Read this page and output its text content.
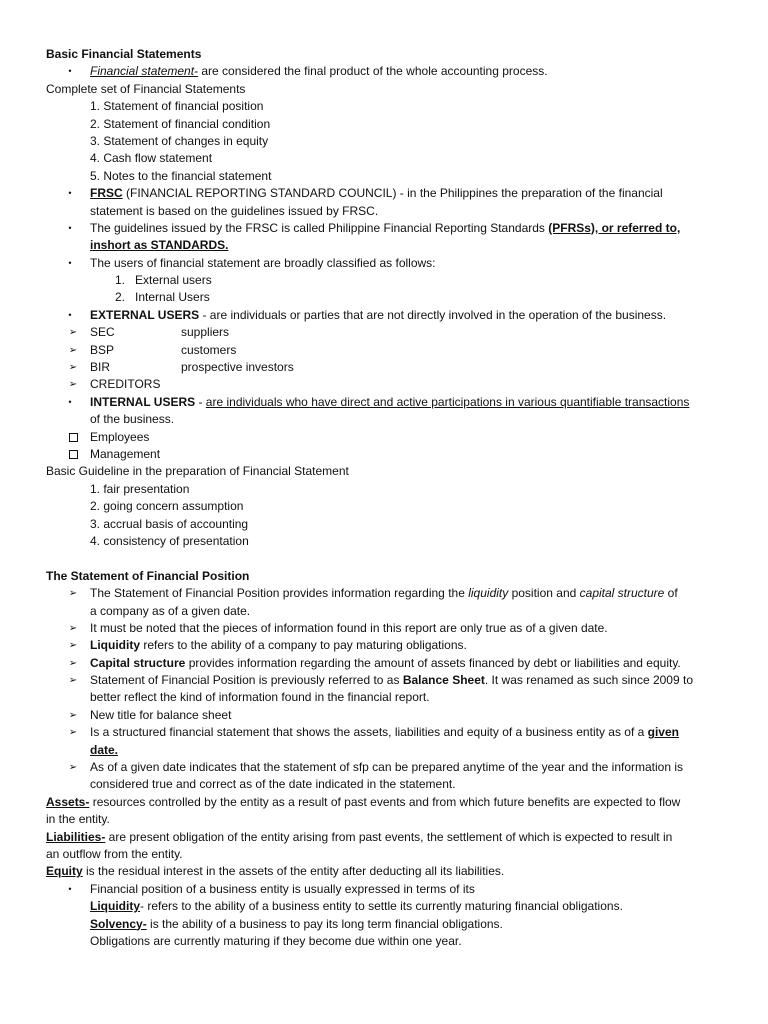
Basic Financial Statements
•	Financial statement- are considered the final product of the whole accounting process.
Complete set of Financial Statements
1. Statement of financial position
2. Statement of financial condition
3. Statement of changes in equity
4. Cash flow statement
5. Notes to the financial statement
•	FRSC (FINANCIAL REPORTING STANDARD COUNCIL) - in the Philippines the preparation of the financial
statement is based on the guidelines issued by FRSC.
•	The guidelines issued by the FRSC is called Philippine Financial Reporting Standards (PFRSs), or referred to,
inshort as STANDARDS.
•	The users of financial statement are broadly classified as follows:
1. External users
2. Internal Users
•	EXTERNAL USERS - are individuals or parties that are not directly involved in the operation of the business.
➢ SEC	suppliers
➢ BSP	customers
➢ BIR	prospective investors
➢ CREDITORS
•	INTERNAL USERS - are individuals who have direct and active participations in various quantifiable transactions
of the business.
Employees
Management
Basic Guideline in the preparation of Financial Statement
1. fair presentation
2. going concern assumption
3. accrual basis of accounting
4. consistency of presentation
The Statement of Financial Position
➢ The Statement of Financial Position provides information regarding the liquidity position and capital structure of
a company as of a given date.
➢ It must be noted that the pieces of information found in this report are only true as of a given date.
➢ Liquidity refers to the ability of a company to pay maturing obligations.
➢ Capital structure provides information regarding the amount of assets financed by debt or liabilities and equity.
➢ Statement of Financial Position is previously referred to as Balance Sheet. It was renamed as such since 2009 to
better reflect the kind of information found in the financial report.
➢ New title for balance sheet
➢ Is a structured financial statement that shows the assets, liabilities and equity of a business entity as of a given
date.
➢ As of a given date indicates that the statement of sfp can be prepared anytime of the year and the information is
considered true and correct as of the date indicated in the statement.
Assets- resources controlled by the entity as a result of past events and from which future benefits are expected to flow
in the entity.
Liabilities- are present obligation of the entity arising from past events, the settlement of which is expected to result in
an outflow from the entity.
Equity is the residual interest in the assets of the entity after deducting all its liabilities.
•	Financial position of a business entity is usually expressed in terms of its
Liquidity- refers to the ability of a business entity to settle its currently maturing financial obligations.
Solvency- is the ability of a business to pay its long term financial obligations.
Obligations are currently maturing if they become due within one year.
